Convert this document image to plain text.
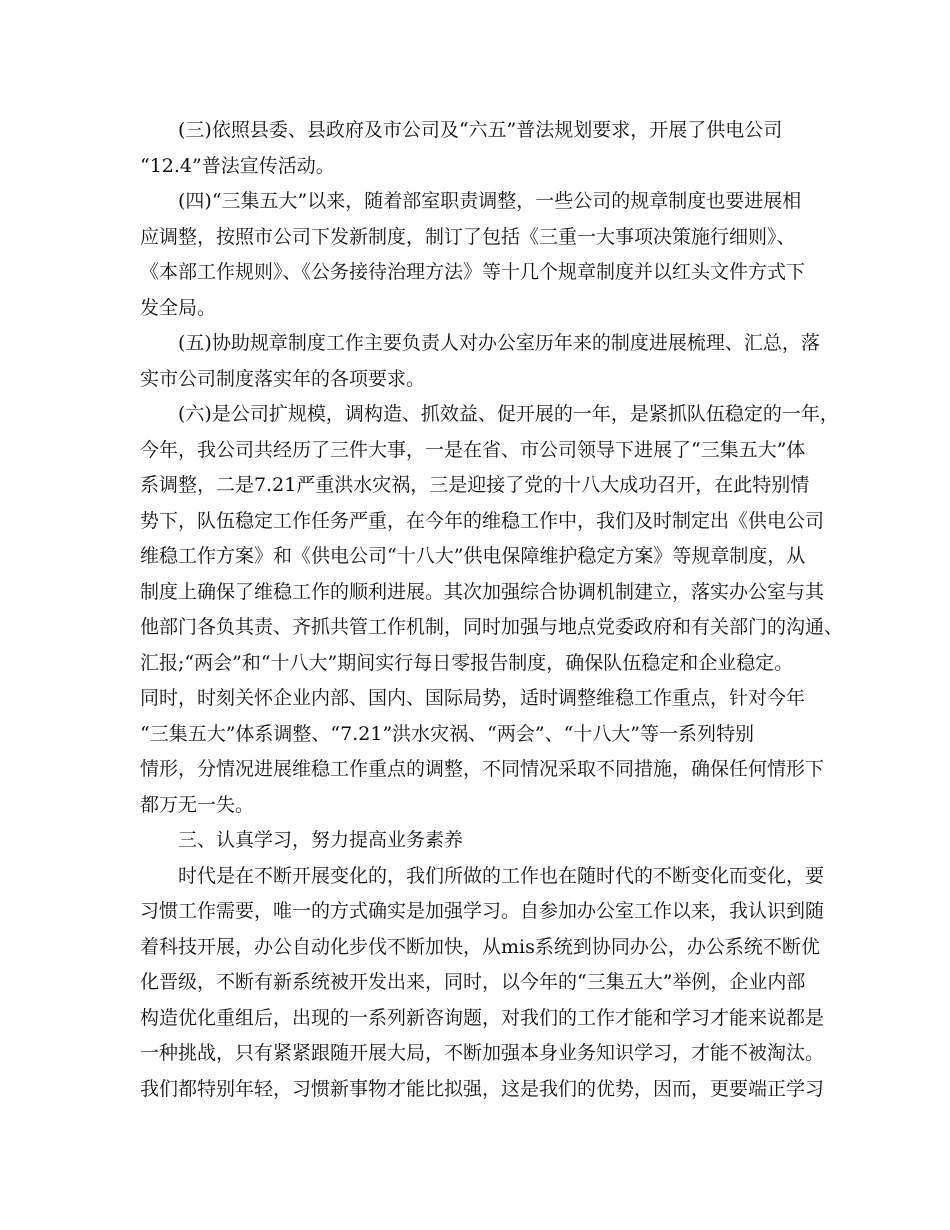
(三)依照县委、县政府及市公司及“六五”普法规划要求，开展了供电公司
“12.4”普法宣传活动。
(四)“三集五大”以来，随着部室职责调整，一些公司的规章制度也要进展相
应调整，按照市公司下发新制度，制订了包括《三重一大事项决策施行细则》、
《本部工作规则》、《公务接待治理方法》等十几个规章制度并以红头文件方式下
发全局。
(五)协助规章制度工作主要负责人对办公室历年来的制度进展梳理、汇总，落
实市公司制度落实年的各项要求。
(六)是公司扩规模，调构造、抓效益、促开展的一年，是紧抓队伍稳定的一年，
今年，我公司共经历了三件大事，一是在省、市公司领导下进展了“三集五大”体
系调整，二是7.21严重洪水灾祸，三是迎接了党的十八大成功召开，在此特别情
势下，队伍稳定工作任务严重，在今年的维稳工作中，我们及时制定出《供电公司
维稳工作方案》和《供电公司“十八大”供电保障维护稳定方案》等规章制度，从
制度上确保了维稳工作的顺利进展。其次加强综合协调机制建立，落实办公室与其
他部门各负其责、齐抓共管工作机制，同时加强与地点党委政府和有关部门的沟通、
汇报;“两会”和“十八大”期间实行每日零报告制度，确保队伍稳定和企业稳定。
同时，时刻关怀企业内部、国内、国际局势，适时调整维稳工作重点，针对今年
“三集五大”体系调整、“7.21”洪水灾祸、“两会”、“十八大”等一系列特别
情形，分情况进展维稳工作重点的调整，不同情况采取不同措施，确保任何情形下
都万无一失。
三、认真学习，努力提高业务素养
时代是在不断开展变化的，我们所做的工作也在随时代的不断变化而变化，要
习惯工作需要，唯一的方式确实是加强学习。自参加办公室工作以来，我认识到随
着科技开展，办公自动化步伐不断加快，从mis系统到协同办公，办公系统不断优
化晋级，不断有新系统被开发出来，同时，以今年的“三集五大”举例，企业内部
构造优化重组后，出现的一系列新咨询题，对我们的工作才能和学习才能来说都是
一种挑战，只有紧紧跟随开展大局，不断加强本身业务知识学习，才能不被淘汰。
我们都特别年轻，习惯新事物才能比拟强，这是我们的优势，因而，更要端正学习
